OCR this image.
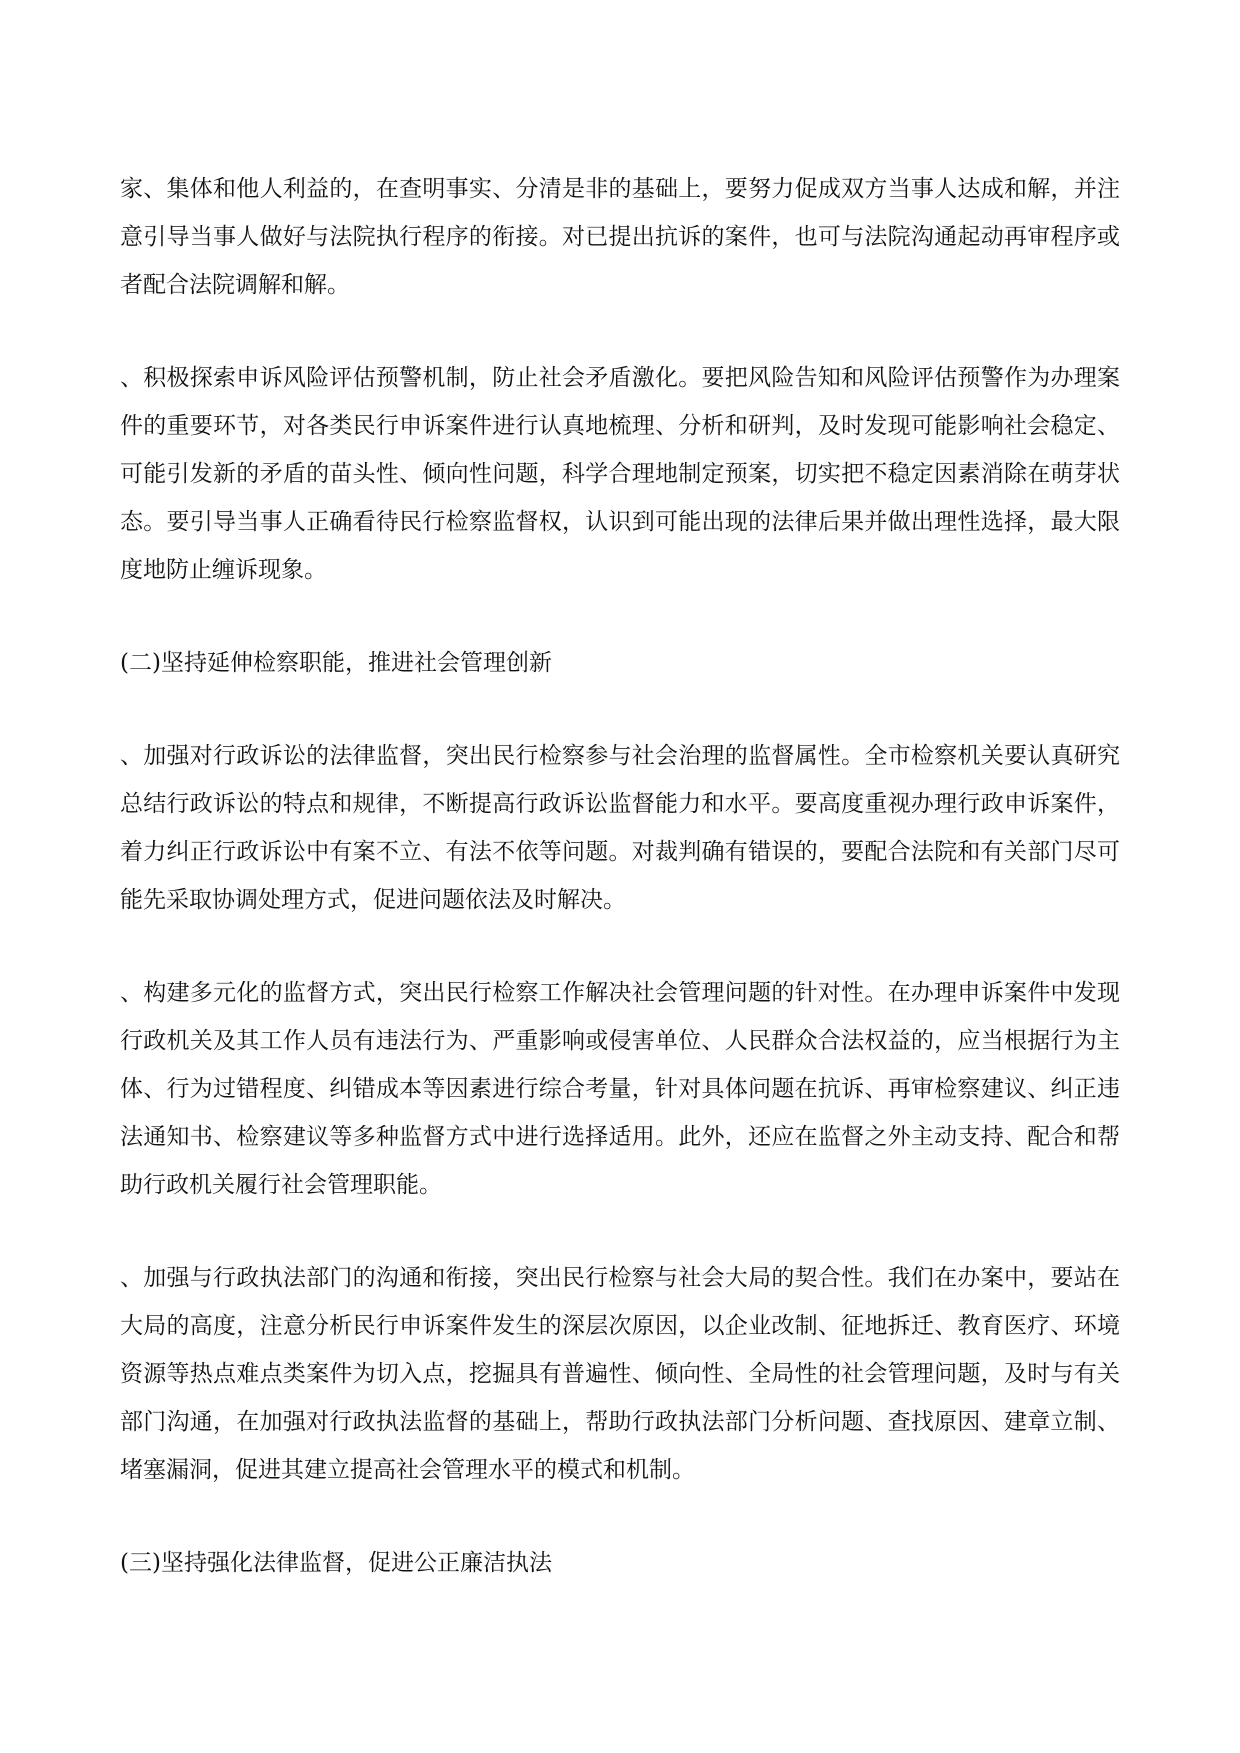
家、集体和他人利益的，在查明事实、分清是非的基础上，要努力促成双方当事人达成和解，并注意引导当事人做好与法院执行程序的衔接。对已提出抗诉的案件，也可与法院沟通起动再审程序或者配合法院调解和解。

、积极探索申诉风险评估预警机制，防止社会矛盾激化。要把风险告知和风险评估预警作为办理案件的重要环节，对各类民行申诉案件进行认真地梳理、分析和研判，及时发现可能影响社会稳定、可能引发新的矛盾的苗头性、倾向性问题，科学合理地制定预案，切实把不稳定因素消除在萌芽状态。要引导当事人正确看待民行检察监督权，认识到可能出现的法律后果并做出理性选择，最大限度地防止缠诉现象。

(二)坚持延伸检察职能，推进社会管理创新

、加强对行政诉讼的法律监督，突出民行检察参与社会治理的监督属性。全市检察机关要认真研究总结行政诉讼的特点和规律，不断提高行政诉讼监督能力和水平。要高度重视办理行政申诉案件，着力纠正行政诉讼中有案不立、有法不依等问题。对裁判确有错误的，要配合法院和有关部门尽可能先采取协调处理方式，促进问题依法及时解决。

、构建多元化的监督方式，突出民行检察工作解决社会管理问题的针对性。在办理申诉案件中发现行政机关及其工作人员有违法行为、严重影响或侵害单位、人民群众合法权益的，应当根据行为主体、行为过错程度、纠错成本等因素进行综合考量，针对具体问题在抗诉、再审检察建议、纠正违法通知书、检察建议等多种监督方式中进行选择适用。此外，还应在监督之外主动支持、配合和帮助行政机关履行社会管理职能。

、加强与行政执法部门的沟通和衔接，突出民行检察与社会大局的契合性。我们在办案中，要站在大局的高度，注意分析民行申诉案件发生的深层次原因，以企业改制、征地拆迁、教育医疗、环境资源等热点难点类案件为切入点，挖掘具有普遍性、倾向性、全局性的社会管理问题，及时与有关部门沟通，在加强对行政执法监督的基础上，帮助行政执法部门分析问题、查找原因、建章立制、堵塞漏洞，促进其建立提高社会管理水平的模式和机制。

(三)坚持强化法律监督，促进公正廉洁执法
